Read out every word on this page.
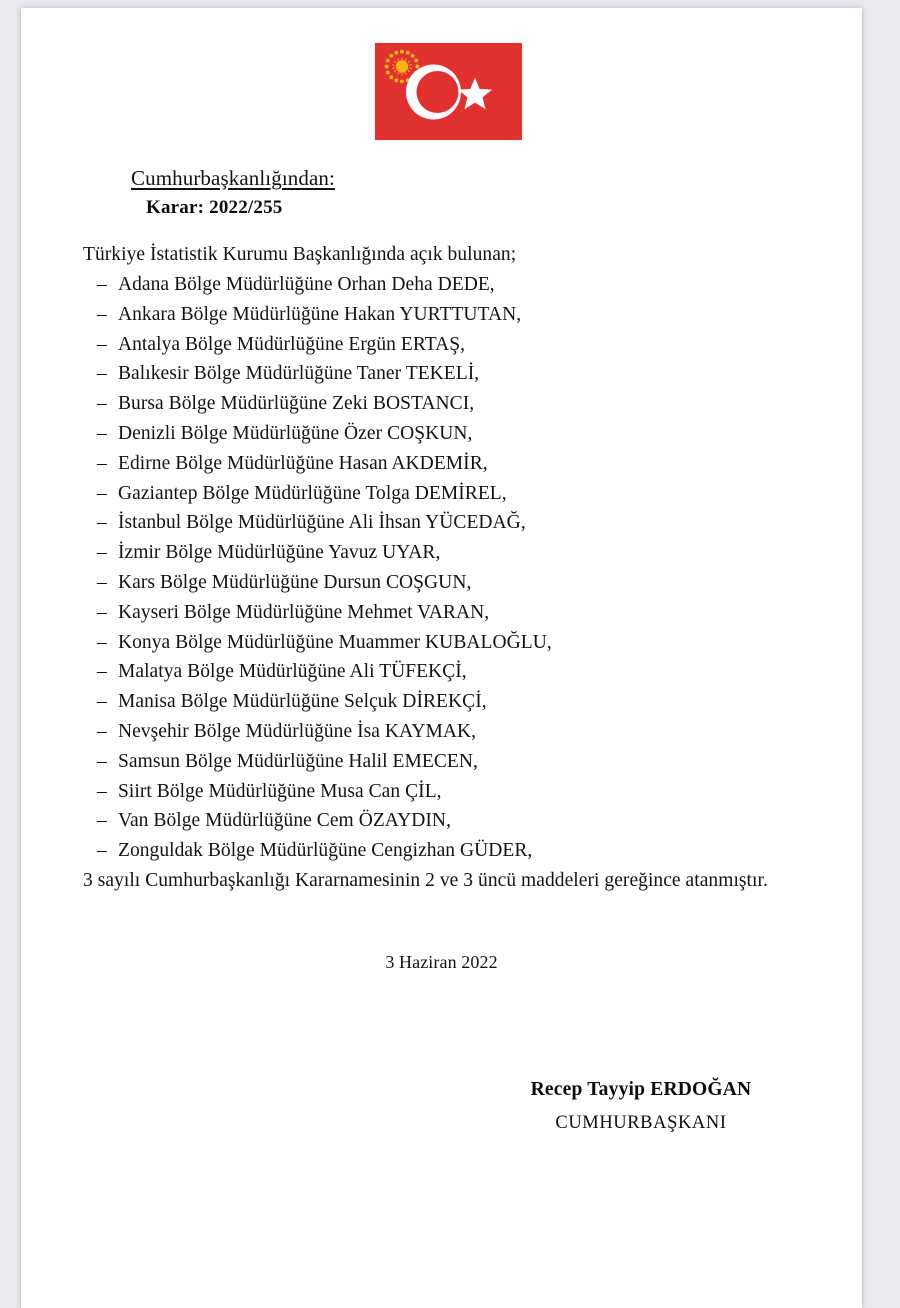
Cumhurbaşkanlığından:
Karar: 2022/255
Türkiye İstatistik Kurumu Başkanlığında açık bulunan;
– Adana Bölge Müdürlüğüne Orhan Deha DEDE,
– Ankara Bölge Müdürlüğüne Hakan YURTTUTAN,
– Antalya Bölge Müdürlüğüne Ergün ERTAŞ,
– Balıkesir Bölge Müdürlüğüne Taner TEKELİ,
– Bursa Bölge Müdürlüğüne Zeki BOSTANCI,
– Denizli Bölge Müdürlüğüne Özer COŞKUN,
– Edirne Bölge Müdürlüğüne Hasan AKDEMİR,
– Gaziantep Bölge Müdürlüğüne Tolga DEMİREL,
– İstanbul Bölge Müdürlüğüne Ali İhsan YÜCEDAĞ,
– İzmir Bölge Müdürlüğüne Yavuz UYAR,
– Kars Bölge Müdürlüğüne Dursun COŞGUN,
– Kayseri Bölge Müdürlüğüne Mehmet VARAN,
– Konya Bölge Müdürlüğüne Muammer KUBALOĞLU,
– Malatya Bölge Müdürlüğüne Ali TÜFEKÇİ,
– Manisa Bölge Müdürlüğüne Selçuk DİREKÇİ,
– Nevşehir Bölge Müdürlüğüne İsa KAYMAK,
– Samsun Bölge Müdürlüğüne Halil EMECEN,
– Siirt Bölge Müdürlüğüne Musa Can ÇİL,
– Van Bölge Müdürlüğüne Cem ÖZAYDIN,
– Zonguldak Bölge Müdürlüğüne Cengizhan GÜDER,
3 sayılı Cumhurbaşkanlığı Kararnamesinin 2 ve 3 üncü maddeleri gereğince atanmıştır.
3 Haziran 2022
Recep Tayyip ERDOĞAN
CUMHURBAŞKANI
